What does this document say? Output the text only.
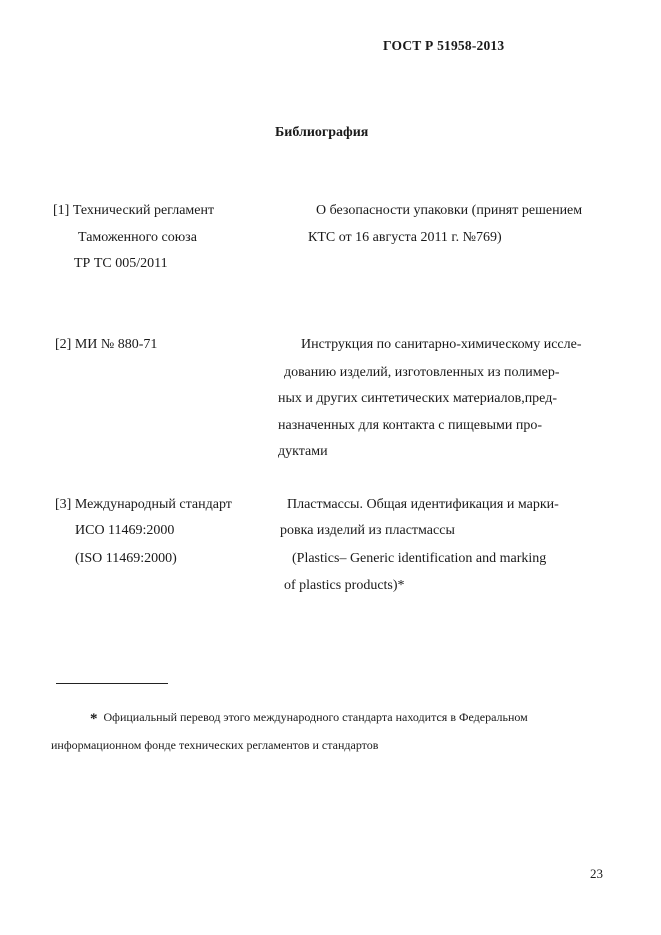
ГОСТ Р 51958-2013
Библиография
[1] Технический регламент
Таможенного союза
ТР ТС 005/2011
О безопасности упаковки (принят решением
КТС от 16 августа 2011 г. №769)
[2] МИ № 880-71	Инструкция по санитарно-химическому иссле-
дованию изделий, изготовленных из полимер-
ных и других синтетических материалов,пред-
назначенных для контакта с пищевыми про-
дуктами
[3] Международный стандарт
ИСО 11469:2000
(ISO 11469:2000)
Пластмассы. Общая идентификация и марки-
ровка изделий из пластмассы
(Plastics– Generic identification and marking
of plastics products)*
* Официальный перевод этого международного стандарта находится в Федеральном
информационном фонде технических регламентов и стандартов
23
